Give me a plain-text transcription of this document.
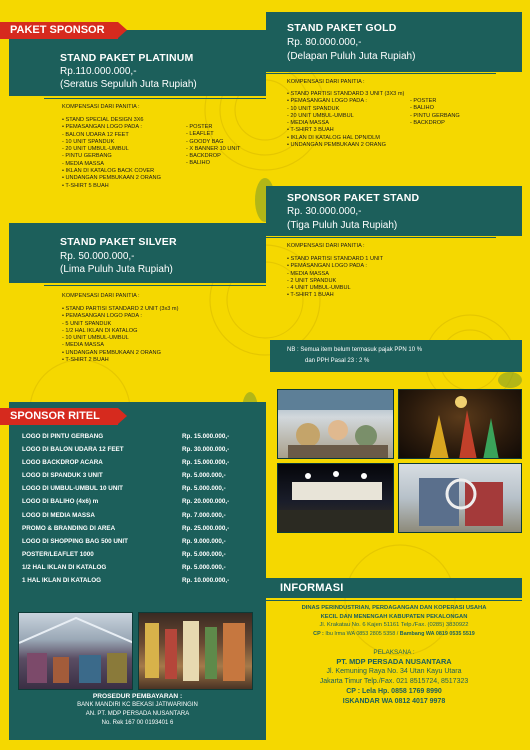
PAKET SPONSOR
STAND PAKET PLATINUM
Rp.110.000.000,-
(Seratus Sepuluh Juta Rupiah)
KOMPENSASI DARI PANITIA :
• STAND SPECIAL DESIGN 3X6
• PEMASANGAN LOGO PADA :
- BALON UDARA 12 FEET
- 10 UNIT SPANDUK
- 20 UNIT UMBUL-UMBUL
- PINTU GERBANG
- MEDIA MASSA
• IKLAN DI KATALOG BACK COVER
• UNDANGAN PEMBUKAAN 2 ORANG
• T-SHIRT 5 BUAH
- POSTER
- LEAFLET
- GOODY BAG
- X BANNER 10 UNIT
- BACKDROP
- BALIHO
STAND PAKET SILVER
Rp. 50.000.000,-
(Lima Puluh Juta Rupiah)
KOMPENSASI DARI PANITIA :
• STAND PARTISI STANDARD 2 UNIT (3x3 m)
• PEMASANGAN LOGO PADA :
- 5 UNIT SPANDUK
- 1/2 HAL IKLAN DI KATALOG
- 10 UNIT UMBUL-UMBUL
- MEDIA MASSA
• UNDANGAN PEMBUKAAN 2 ORANG
• T-SHIRT 2 BUAH
STAND PAKET GOLD
Rp. 80.000.000,-
(Delapan Puluh Juta Rupiah)
KOMPENSASI DARI PANITIA :
• STAND PARTISI STANDARD 3 UNIT (3X3 m)
• PEMASANGAN LOGO PADA :
- 10 UNIT SPANDUK
- 20 UNIT UMBUL-UMBUL
- MEDIA MASSA
• T-SHIRT 3 BUAH
• IKLAN DI KATALOG HAL DPN/DLM
• UNDANGAN PEMBUKAAN 2 ORANG
- POSTER
- BALIHO
- PINTU GERBANG
- BACKDROP
SPONSOR PAKET STAND
Rp. 30.000.000,-
(Tiga Puluh Juta Rupiah)
KOMPENSASI DARI PANITIA :
• STAND PARTISI STANDARD 1 UNIT
• PEMASANGAN LOGO PADA :
- MEDIA MASSA
- 2 UNIT SPANDUK
- 4 UNIT UMBUL-UMBUL
• T-SHIRT 1 BUAH
NB : Semua item belum termasuk pajak PPN 10 %
dan PPH Pasal 23 : 2 %
SPONSOR RITEL
LOGO DI PINTU GERBANG
LOGO DI BALON UDARA 12 FEET
LOGO BACKDROP ACARA
LOGO DI SPANDUK 3 UNIT
LOGO DI UMBUL-UMBUL 10 UNIT
LOGO DI BALIHO (4x6) m
LOGO DI MEDIA MASSA
PROMO & BRANDING DI AREA
LOGO DI SHOPPING BAG 500 UNIT
POSTER/LEAFLET 1000
1/2 HAL IKLAN DI KATALOG
1 HAL IKLAN DI KATALOG
Rp. 15.000.000,-
Rp. 30.000.000,-
Rp. 15.000.000,-
Rp. 5.000.000,-
Rp. 5.000.000,-
Rp. 20.000.000,-
Rp. 7.000.000,-
Rp. 25.000.000,-
Rp. 9.000.000,-
Rp. 5.000.000,-
Rp. 5.000.000,-
Rp. 10.000.000,-
PROSEDUR PEMBAYARAN :
BANK MANDIRI KC BEKASI JATIWARINGIN
AN. PT. MDP PERSADA NUSANTARA
No. Rek 167 00 0193401 6
INFORMASI
DINAS PERINDUSTRIAN, PERDAGANGAN DAN KOPERASI USAHA
KECIL DAN MENENGAH KABUPATEN PEKALONGAN
Jl. Krakatau No. 6 Kajen 51161 Telp./Fax. (0285) 3830922
CP : Ibu Irma WA 0853 2805 5358 / Bambang WA 0819 0535 5519
PELAKSANA :
PT. MDP PERSADA NUSANTARA
Jl. Kemuning Raya No. 34 Utan Kayu Utara
Jakarta Timur Telp./Fax. 021 8515724, 8517323
CP : Lela Hp. 0858 1769 8990
ISKANDAR WA 0812 4017 9978
